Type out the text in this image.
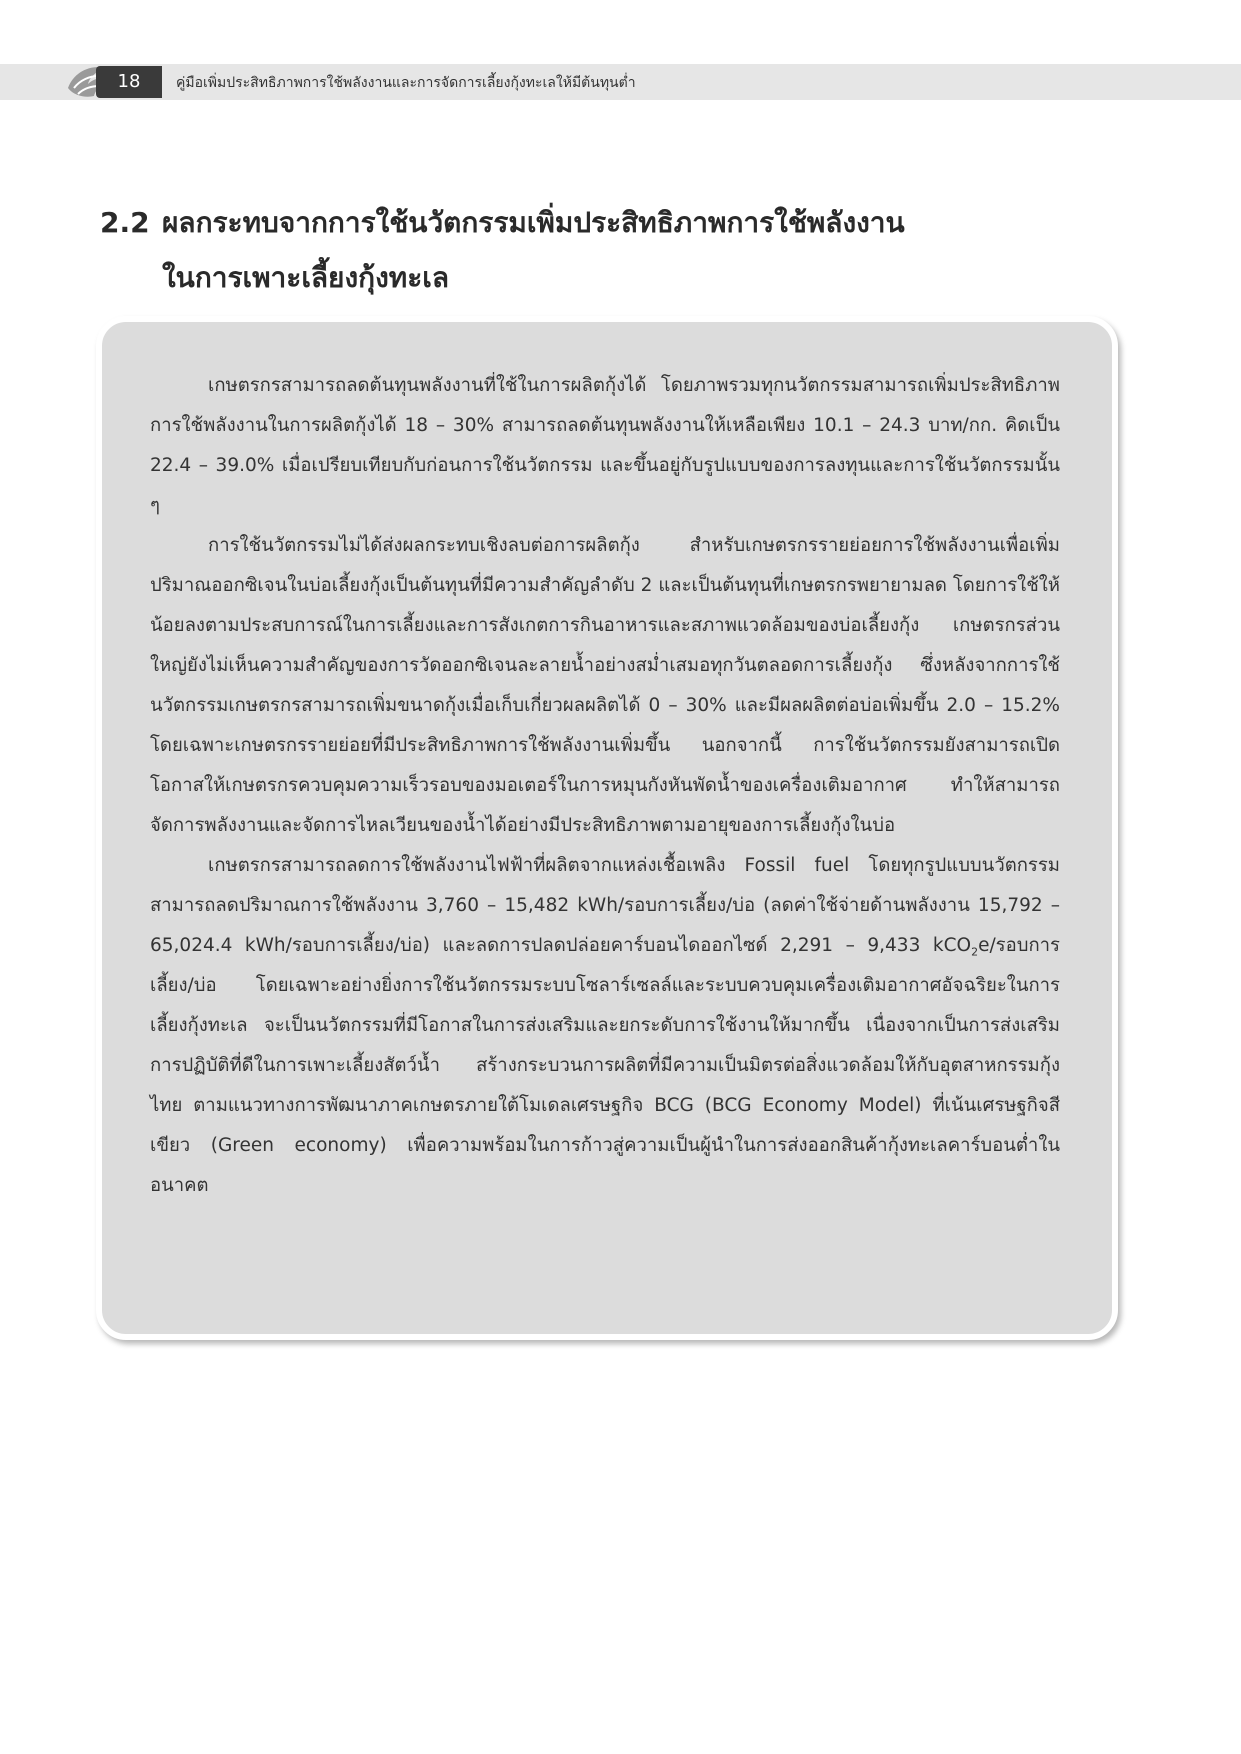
18	คู่มือเพิ่มประสิทธิภาพการใช้พลังงานและการจัดการเลี้ยงกุ้งทะเลให้มีต้นทุนต่ำ
2.2 ผลกระทบจากการใช้นวัตกรรมเพิ่มประสิทธิภาพการใช้พลังงาน
ในการเพาะเลี้ยงกุ้งทะเล

เกษตรกรสามารถลดต้นทุนพลังงานที่ใช้ในการผลิตกุ้งได้ โดยภาพรวมทุกนวัตกรรมสามารถเพิ่มประสิทธิภาพการใช้พลังงานในการผลิตกุ้งได้ 18 – 30% สามารถลดต้นทุนพลังงานให้เหลือเพียง 10.1 – 24.3 บาท/กก. คิดเป็น 22.4 – 39.0% เมื่อเปรียบเทียบกับก่อนการใช้นวัตกรรม และขึ้นอยู่กับรูปแบบของการลงทุนและการใช้นวัตกรรมนั้น ๆ

การใช้นวัตกรรมไม่ได้ส่งผลกระทบเชิงลบต่อการผลิตกุ้ง สำหรับเกษตรกรรายย่อยการใช้พลังงานเพื่อเพิ่มปริมาณออกซิเจนในบ่อเลี้ยงกุ้งเป็นต้นทุนที่มีความสำคัญลำดับ 2 และเป็นต้นทุนที่เกษตรกรพยายามลด โดยการใช้ให้น้อยลงตามประสบการณ์ในการเลี้ยงและการสังเกตการกินอาหารและสภาพแวดล้อมของบ่อเลี้ยงกุ้ง เกษตรกรส่วนใหญ่ยังไม่เห็นความสำคัญของการวัดออกซิเจนละลายน้ำอย่างสม่ำเสมอทุกวันตลอดการเลี้ยงกุ้ง ซึ่งหลังจากการใช้นวัตกรรมเกษตรกรสามารถเพิ่มขนาดกุ้งเมื่อเก็บเกี่ยวผลผลิตได้ 0 – 30% และมีผลผลิตต่อบ่อเพิ่มขึ้น 2.0 – 15.2% โดยเฉพาะเกษตรกรรายย่อยที่มีประสิทธิภาพการใช้พลังงานเพิ่มขึ้น นอกจากนี้ การใช้นวัตกรรมยังสามารถเปิดโอกาสให้เกษตรกรควบคุมความเร็วรอบของมอเตอร์ในการหมุนกังหันพัดน้ำของเครื่องเติมอากาศ ทำให้สามารถจัดการพลังงานและจัดการไหลเวียนของน้ำได้อย่างมีประสิทธิภาพตามอายุของการเลี้ยงกุ้งในบ่อ

เกษตรกรสามารถลดการใช้พลังงานไฟฟ้าที่ผลิตจากแหล่งเชื้อเพลิง Fossil fuel โดยทุกรูปแบบนวัตกรรมสามารถลดปริมาณการใช้พลังงาน 3,760 – 15,482 kWh/รอบการเลี้ยง/บ่อ (ลดค่าใช้จ่ายด้านพลังงาน 15,792 – 65,024.4 kWh/รอบการเลี้ยง/บ่อ) และลดการปลดปล่อยคาร์บอนไดออกไซด์ 2,291 – 9,433 kCO$_2$e/รอบการเลี้ยง/บ่อ โดยเฉพาะอย่างยิ่งการใช้นวัตกรรมระบบโซลาร์เซลล์และระบบควบคุมเครื่องเติมอากาศอัจฉริยะในการเลี้ยงกุ้งทะเล จะเป็นนวัตกรรมที่มีโอกาสในการส่งเสริมและยกระดับการใช้งานให้มากขึ้น เนื่องจากเป็นการส่งเสริมการปฏิบัติที่ดีในการเพาะเลี้ยงสัตว์น้ำ สร้างกระบวนการผลิตที่มีความเป็นมิตรต่อสิ่งแวดล้อมให้กับอุตสาหกรรมกุ้งไทย ตามแนวทางการพัฒนาภาคเกษตรภายใต้โมเดลเศรษฐกิจ BCG (BCG Economy Model) ที่เน้นเศรษฐกิจสีเขียว (Green economy) เพื่อความพร้อมในการก้าวสู่ความเป็นผู้นำในการส่งออกสินค้ากุ้งทะเลคาร์บอนต่ำในอนาคต
